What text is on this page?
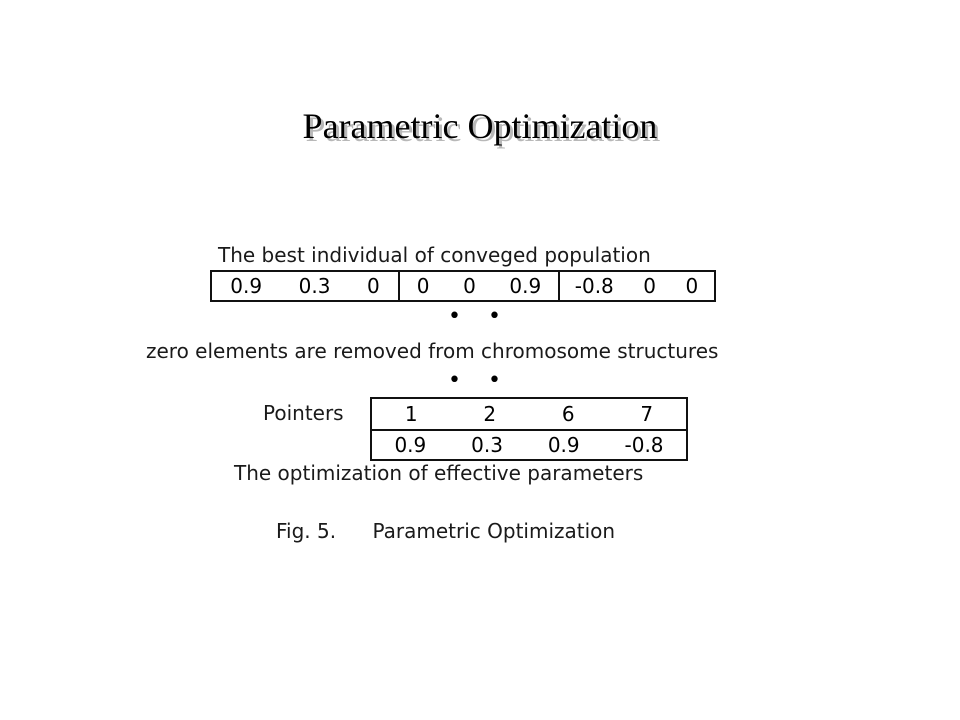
Parametric Optimization
The best individual of conveged population
0.9 0.3 0 0 0 0.9 -0.8 0 0
• •
zero elements are removed from chromosome structures
• •
Pointers	1	2	6	7
0.9 0.3 0.9 -0.8
The optimization of effective parameters
Fig. 5. Parametric Optimization
